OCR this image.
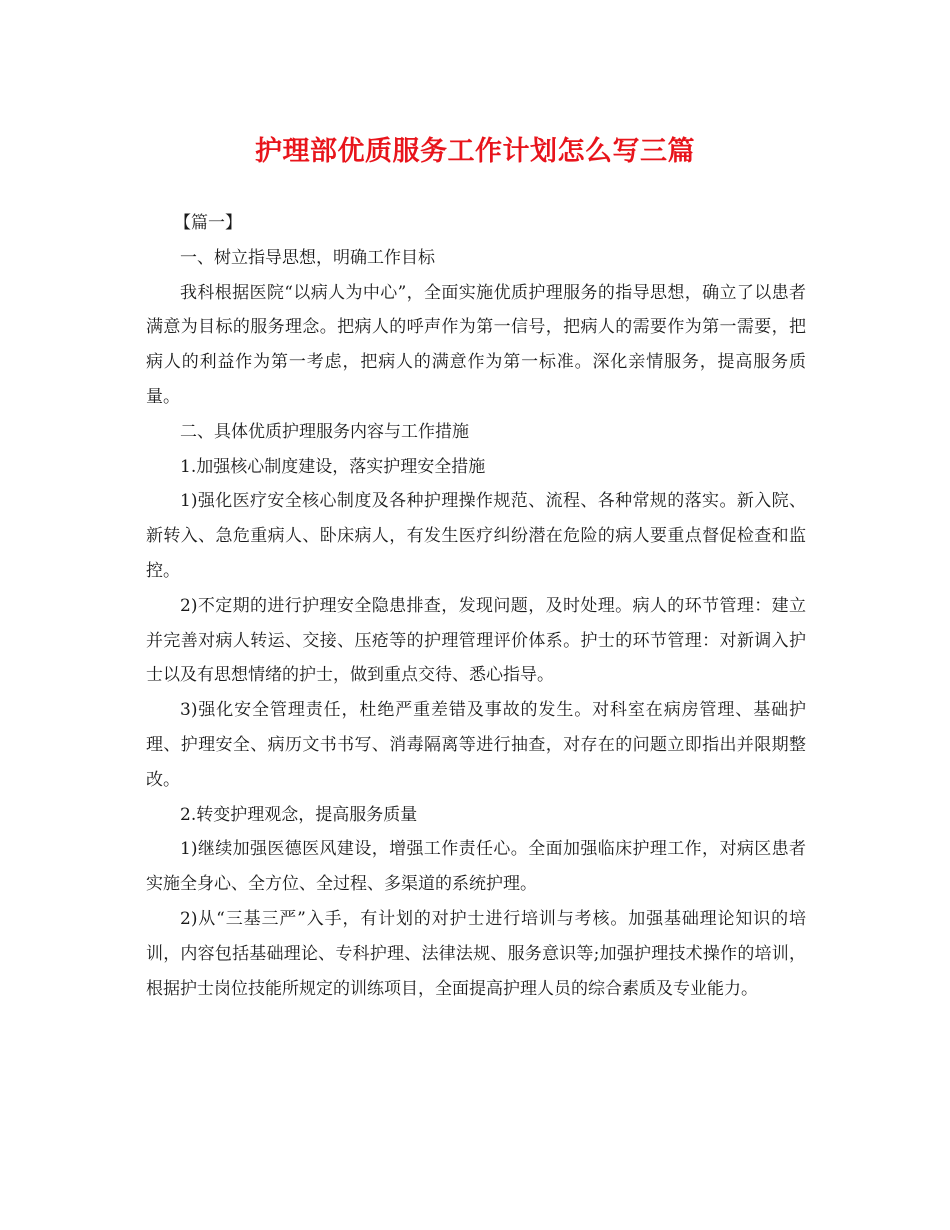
护理部优质服务工作计划怎么写三篇

【篇一】

一、树立指导思想，明确工作目标

我科根据医院“以病人为中心”，全面实施优质护理服务的指导思想，确立了以患者满意为目标的服务理念。把病人的呼声作为第一信号，把病人的需要作为第一需要，把病人的利益作为第一考虑，把病人的满意作为第一标准。深化亲情服务，提高服务质量。

二、具体优质护理服务内容与工作措施

1.加强核心制度建设，落实护理安全措施

1)强化医疗安全核心制度及各种护理操作规范、流程、各种常规的落实。新入院、新转入、急危重病人、卧床病人，有发生医疗纠纷潜在危险的病人要重点督促检查和监控。

2)不定期的进行护理安全隐患排查，发现问题，及时处理。病人的环节管理：建立并完善对病人转运、交接、压疮等的护理管理评价体系。护士的环节管理：对新调入护士以及有思想情绪的护士，做到重点交待、悉心指导。

3)强化安全管理责任，杜绝严重差错及事故的发生。对科室在病房管理、基础护理、护理安全、病历文书书写、消毒隔离等进行抽查，对存在的问题立即指出并限期整改。

2.转变护理观念，提高服务质量

1)继续加强医德医风建设，增强工作责任心。全面加强临床护理工作，对病区患者实施全身心、全方位、全过程、多渠道的系统护理。

2)从“三基三严”入手，有计划的对护士进行培训与考核。加强基础理论知识的培训，内容包括基础理论、专科护理、法律法规、服务意识等;加强护理技术操作的培训，根据护士岗位技能所规定的训练项目，全面提高护理人员的综合素质及专业能力。
